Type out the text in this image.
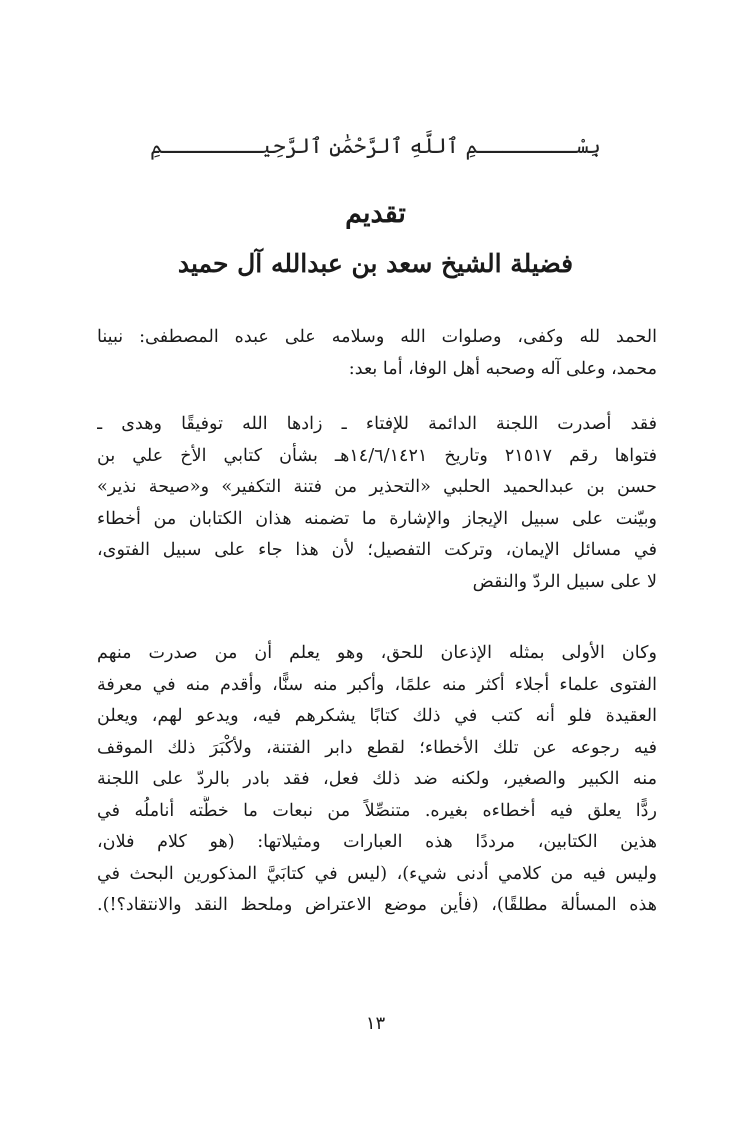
بِسْــــــــمِ ٱللَّهِ ٱلرَّحْمَٰنِ ٱلرَّحِيــــــــمِ
تقديم
فضيلة الشيخ سعد بن عبدالله آل حميد
الحمد لله وكفى، وصلوات الله وسلامه على عبده المصطفى: نبينا
محمد، وعلى آله وصحبه أهل الوفا، أما بعد:
فقد أصدرت اللجنة الدائمة للإفتاء ـ زادها الله توفيقًا وهدى ـ
فتواها رقم ٢١٥١٧ وتاريخ ١٤/٦/١٤٢١هـ بشأن كتابي الأخ علي بن
حسن بن عبدالحميد الحلبي «التحذير من فتنة التكفير» و«صيحة نذير»
وبيّنت على سبيل الإيجاز والإشارة ما تضمنه هذان الكتابان من أخطاء
في مسائل الإيمان، وتركت التفصيل؛ لأن هذا جاء على سبيل الفتوى،
لا على سبيل الردّ والنقض
وكان الأولى بمثله الإذعان للحق، وهو يعلم أن من صدرت منهم
الفتوى علماء أجلاء أكثر منه علمًا، وأكبر منه سنًّا، وأقدم منه في معرفة
العقيدة فلو أنه كتب في ذلك كتابًا يشكرهم فيه، ويدعو لهم، ويعلن
فيه رجوعه عن تلك الأخطاء؛ لقطع دابر الفتنة، ولأكْبَرَ ذلك الموقف
منه الكبير والصغير، ولكنه ضد ذلك فعل، فقد بادر بالردّ على اللجنة
ردًّا يعلق فيه أخطاءه بغيره. متنصِّلاً من نبعات ما خطَّته أناملُه في
هذين الكتابين، مرددًا هذه العبارات ومثيلاتها: (هو كلام فلان،
وليس فيه من كلامي أدنى شيء)، (ليس في كتابَيَّ المذكورين البحث في
هذه المسألة مطلقًا)، (فأين موضع الاعتراض وملحظ النقد والانتقاد؟!).
١٣
